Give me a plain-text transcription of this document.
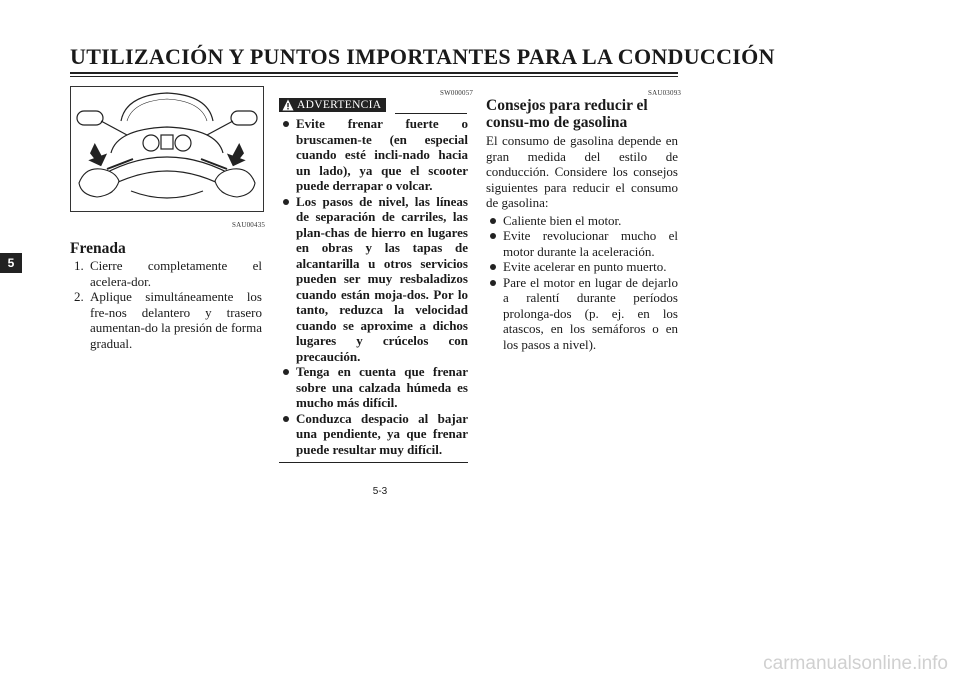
UTILIZACIÓN Y PUNTOS IMPORTANTES PARA LA CONDUCCIÓN
5
SAU00435
Frenada
1. Cierre completamente el acelera-dor.
2. Aplique simultáneamente los fre-nos delantero y trasero aumentan-do la presión de forma gradual.
SW000057
ADVERTENCIA
Evite frenar fuerte o bruscamen-te (en especial cuando esté incli-nado hacia un lado), ya que el scooter puede derrapar o volcar.
Los pasos de nivel, las líneas de separación de carriles, las plan-chas de hierro en lugares en obras y las tapas de alcantarilla u otros servicios pueden ser muy resbaladizos cuando están moja-dos. Por lo tanto, reduzca la velocidad cuando se aproxime a dichos lugares y crúcelos con precaución.
Tenga en cuenta que frenar sobre una calzada húmeda es mucho más difícil.
Conduzca despacio al bajar una pendiente, ya que frenar puede resultar muy difícil.
SAU03093
Consejos para reducir el consu-mo de gasolina
El consumo de gasolina depende en gran medida del estilo de conducción. Considere los consejos siguientes para reducir el consumo de gasolina:
Caliente bien el motor.
Evite revolucionar mucho el motor durante la aceleración.
Evite acelerar en punto muerto.
Pare el motor en lugar de dejarlo a ralentí durante períodos prolonga-dos (p. ej. en los atascos, en los semáforos o en los pasos a nivel).
5-3
carmanualsonline.info
